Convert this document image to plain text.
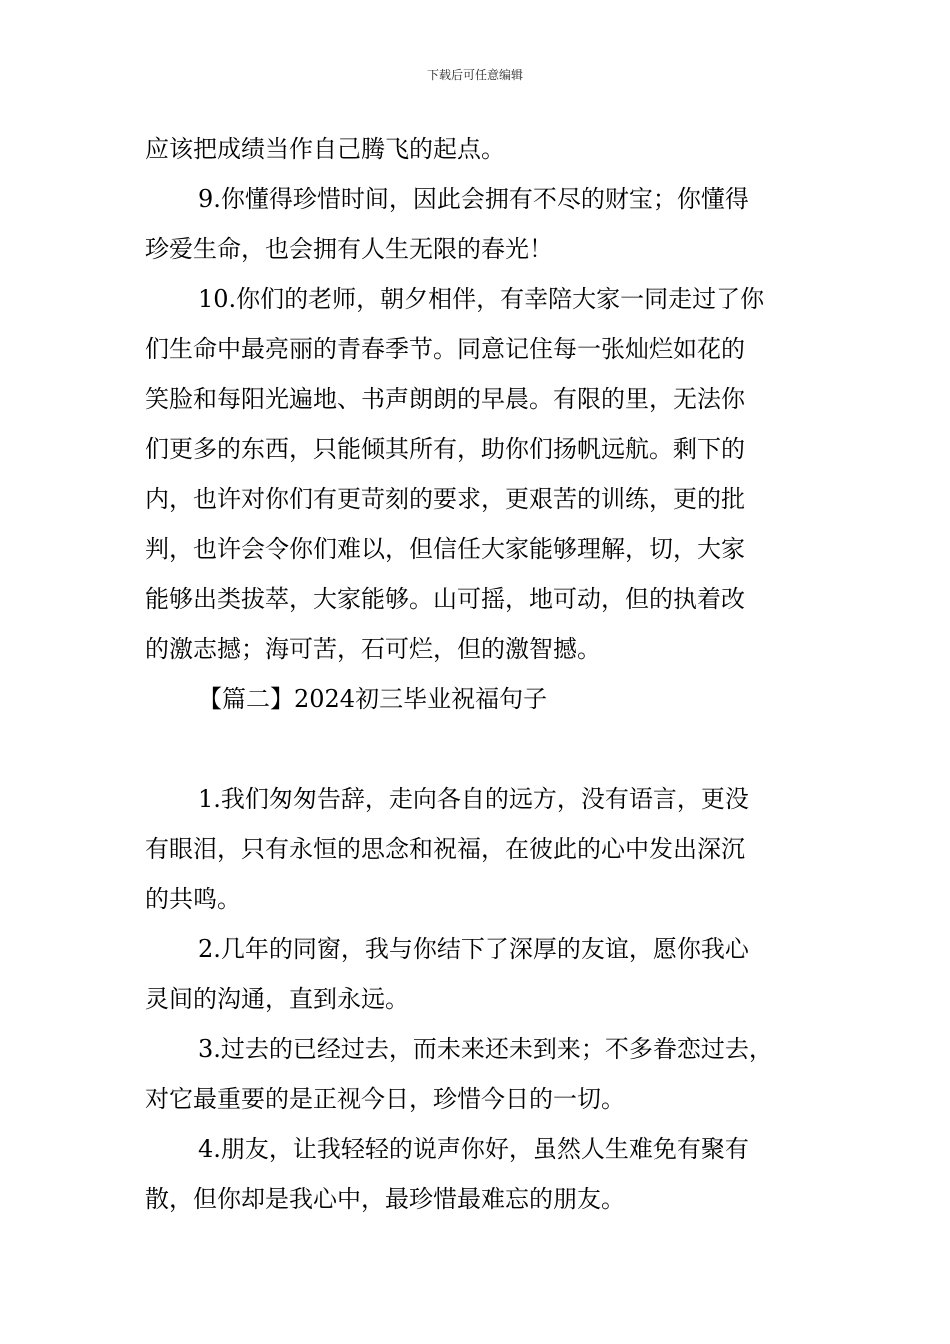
下载后可任意编辑
应该把成绩当作自己腾飞的起点。
9.你懂得珍惜时间，因此会拥有不尽的财宝；你懂得
珍爱生命，也会拥有人生无限的春光！
10.你们的老师，朝夕相伴，有幸陪大家一同走过了你
们生命中最亮丽的青春季节。同意记住每一张灿烂如花的
笑脸和每阳光遍地、书声朗朗的早晨。有限的里，无法你
们更多的东西，只能倾其所有，助你们扬帆远航。剩下的
内，也许对你们有更苛刻的要求，更艰苦的训练，更的批
判，也许会令你们难以，但信任大家能够理解，切，大家
能够出类拔萃，大家能够。山可摇，地可动，但的执着改
的激志撼；海可苦，石可烂，但的激智撼。
【篇二】2024初三毕业祝福句子
1.我们匆匆告辞，走向各自的远方，没有语言，更没
有眼泪，只有永恒的思念和祝福，在彼此的心中发出深沉
的共鸣。
2.几年的同窗，我与你结下了深厚的友谊，愿你我心
灵间的沟通，直到永远。
3.过去的已经过去，而未来还未到来；不多眷恋过去，
对它最重要的是正视今日，珍惜今日的一切。
4.朋友，让我轻轻的说声你好，虽然人生难免有聚有
散，但你却是我心中，最珍惜最难忘的朋友。
